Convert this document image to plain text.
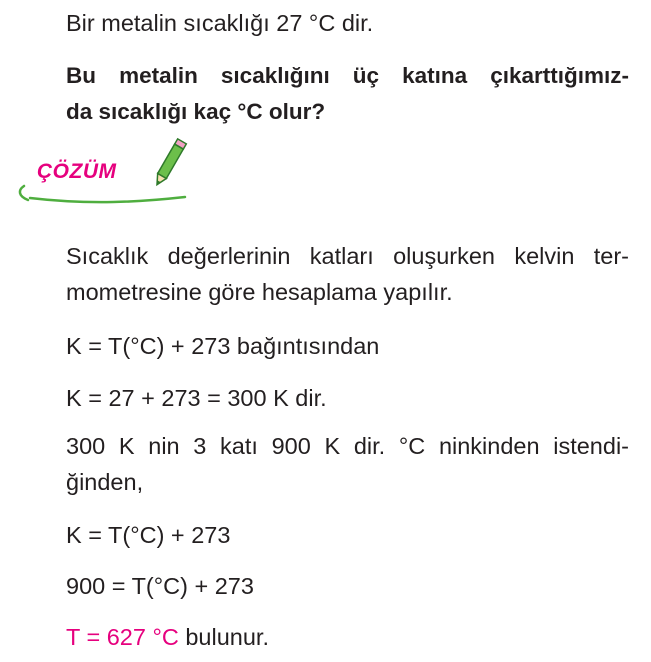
Bir metalin sıcaklığı 27 °C dir.
Bu metalin sıcaklığını üç katına çıkarttığımız-
da sıcaklığı kaç °C olur?
ÇÖZÜM
Sıcaklık değerlerinin katları oluşurken kelvin ter-
mometresine göre hesaplama yapılır.
K = T(°C) + 273 bağıntısından
K = 27 + 273 = 300 K dir.
300 K nin 3 katı 900 K dir. °C ninkinden istendi-
ğinden,
K = T(°C) + 273
900 = T(°C) + 273
T = 627 °C bulunur.
